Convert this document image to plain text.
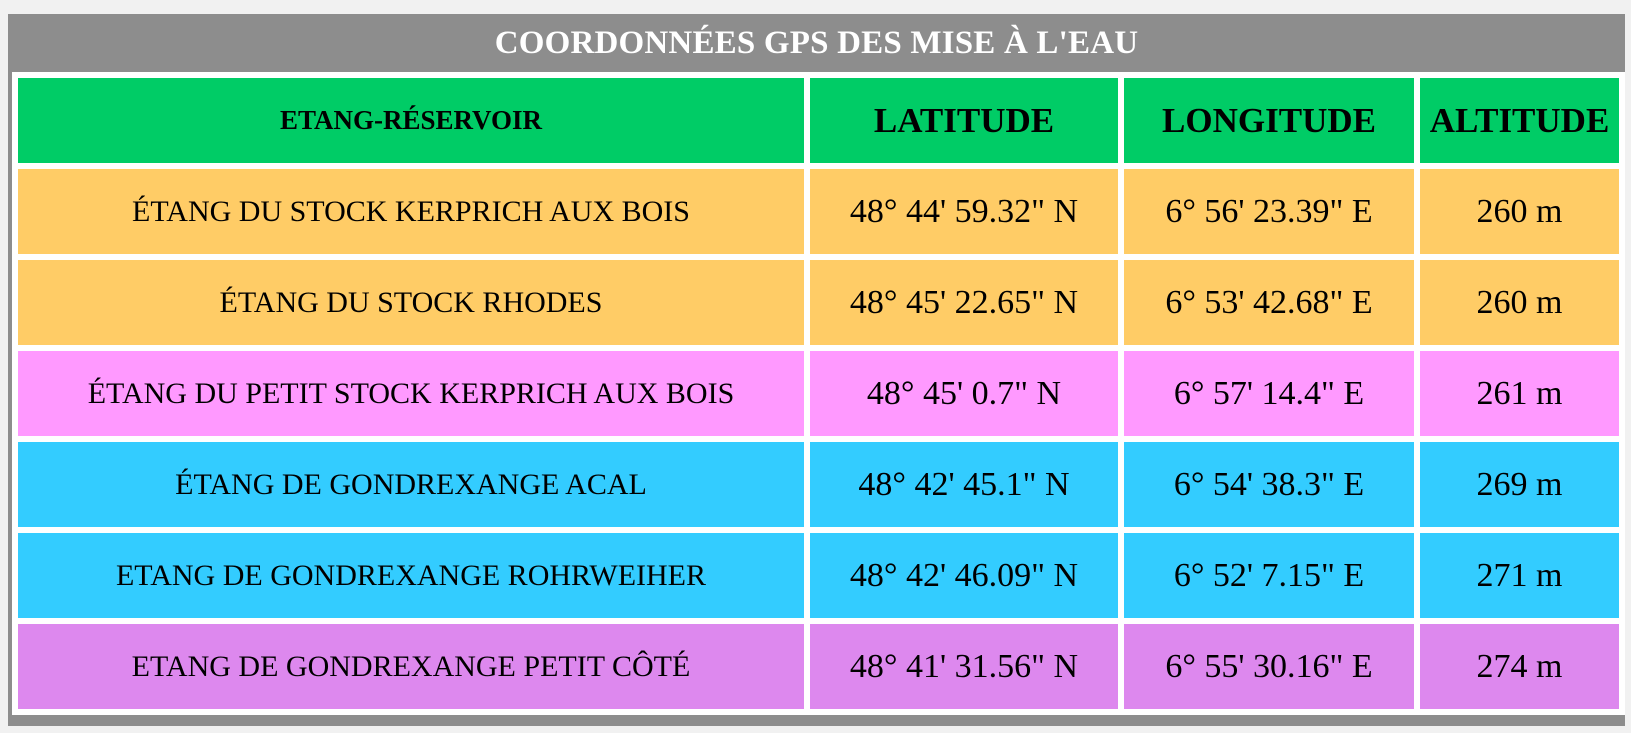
COORDONNÉES GPS DES MISE À L'EAU
ETANG-RÉSERVOIR	LATITUDE	LONGITUDE	ALTITUDE
ÉTANG DU STOCK KERPRICH AUX BOIS	48° 44' 59.32" N	6° 56' 23.39" E	260 m
ÉTANG DU STOCK RHODES	48° 45' 22.65" N	6° 53' 42.68" E	260 m
ÉTANG DU PETIT STOCK KERPRICH AUX BOIS	48° 45' 0.7" N	6° 57' 14.4" E	261 m
ÉTANG DE GONDREXANGE ACAL	48° 42' 45.1" N	6° 54' 38.3" E	269 m
ETANG DE GONDREXANGE ROHRWEIHER	48° 42' 46.09" N	6° 52' 7.15" E	271 m
ETANG DE GONDREXANGE PETIT CÔTÉ	48° 41' 31.56" N	6° 55' 30.16" E	274 m
